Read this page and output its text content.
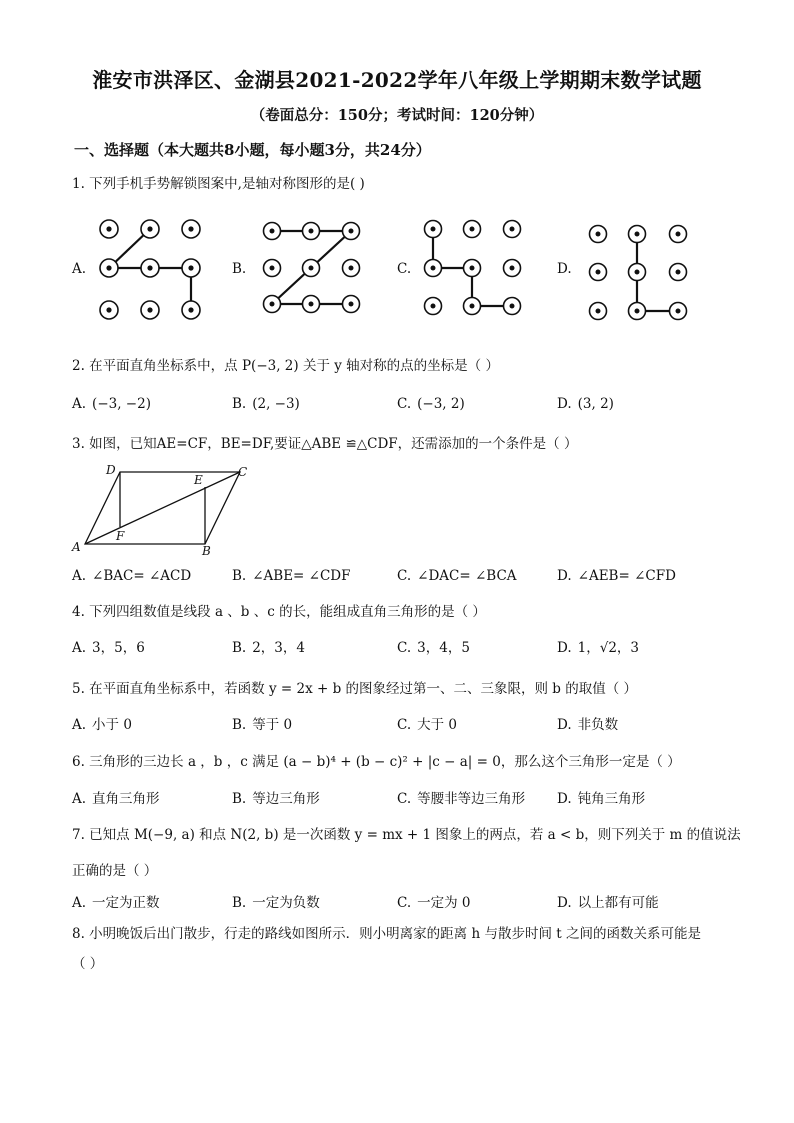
淮安市洪泽区、金湖县2021-2022学年八年级上学期期末数学试题
（卷面总分：150分；考试时间：120分钟）
一、选择题（本大题共8小题，每小题3分，共24分）
1. 下列手机手势解锁图案中,是轴对称图形的是( )
A.	B.	C.	D.
2. 在平面直角坐标系中，点 P(−3, 2) 关于 y 轴对称的点的坐标是（ ）
A. (−3, −2)	B. (2, −3)	C. (−3, 2)	D. (3, 2)
3. 如图，已知AE=CF，BE=DF,要证△ABE ≌△CDF，还需添加的一个条件是（ ）
D
E
C
A
F
B
A. ∠BAC= ∠ACD	B. ∠ABE= ∠CDF	C. ∠DAC= ∠BCA	D. ∠AEB= ∠CFD
4. 下列四组数值是线段 a 、b 、c 的长，能组成直角三角形的是（ ）
A. 3，5，6	B. 2，3，4	C. 3，4，5	D. 1，√2，3
5. 在平面直角坐标系中，若函数 y = 2x + b 的图象经过第一、二、三象限，则 b 的取值（ ）
A. 小于 0	B. 等于 0	C. 大于 0	D. 非负数
6. 三角形的三边长 a ，b ，c 满足 (a − b)⁴ + (b − c)² + |c − a| = 0，那么这个三角形一定是（ ）
A. 直角三角形	B. 等边三角形	C. 等腰非等边三角形 D. 钝角三角形
7. 已知点 M(−9, a) 和点 N(2, b) 是一次函数 y = mx + 1 图象上的两点，若 a < b，则下列关于 m 的值说法
正确的是（ ）
A. 一定为正数	B. 一定为负数	C. 一定为 0	D. 以上都有可能
8. 小明晚饭后出门散步，行走的路线如图所示．则小明离家的距离 h 与散步时间 t 之间的函数关系可能是
（ ）
